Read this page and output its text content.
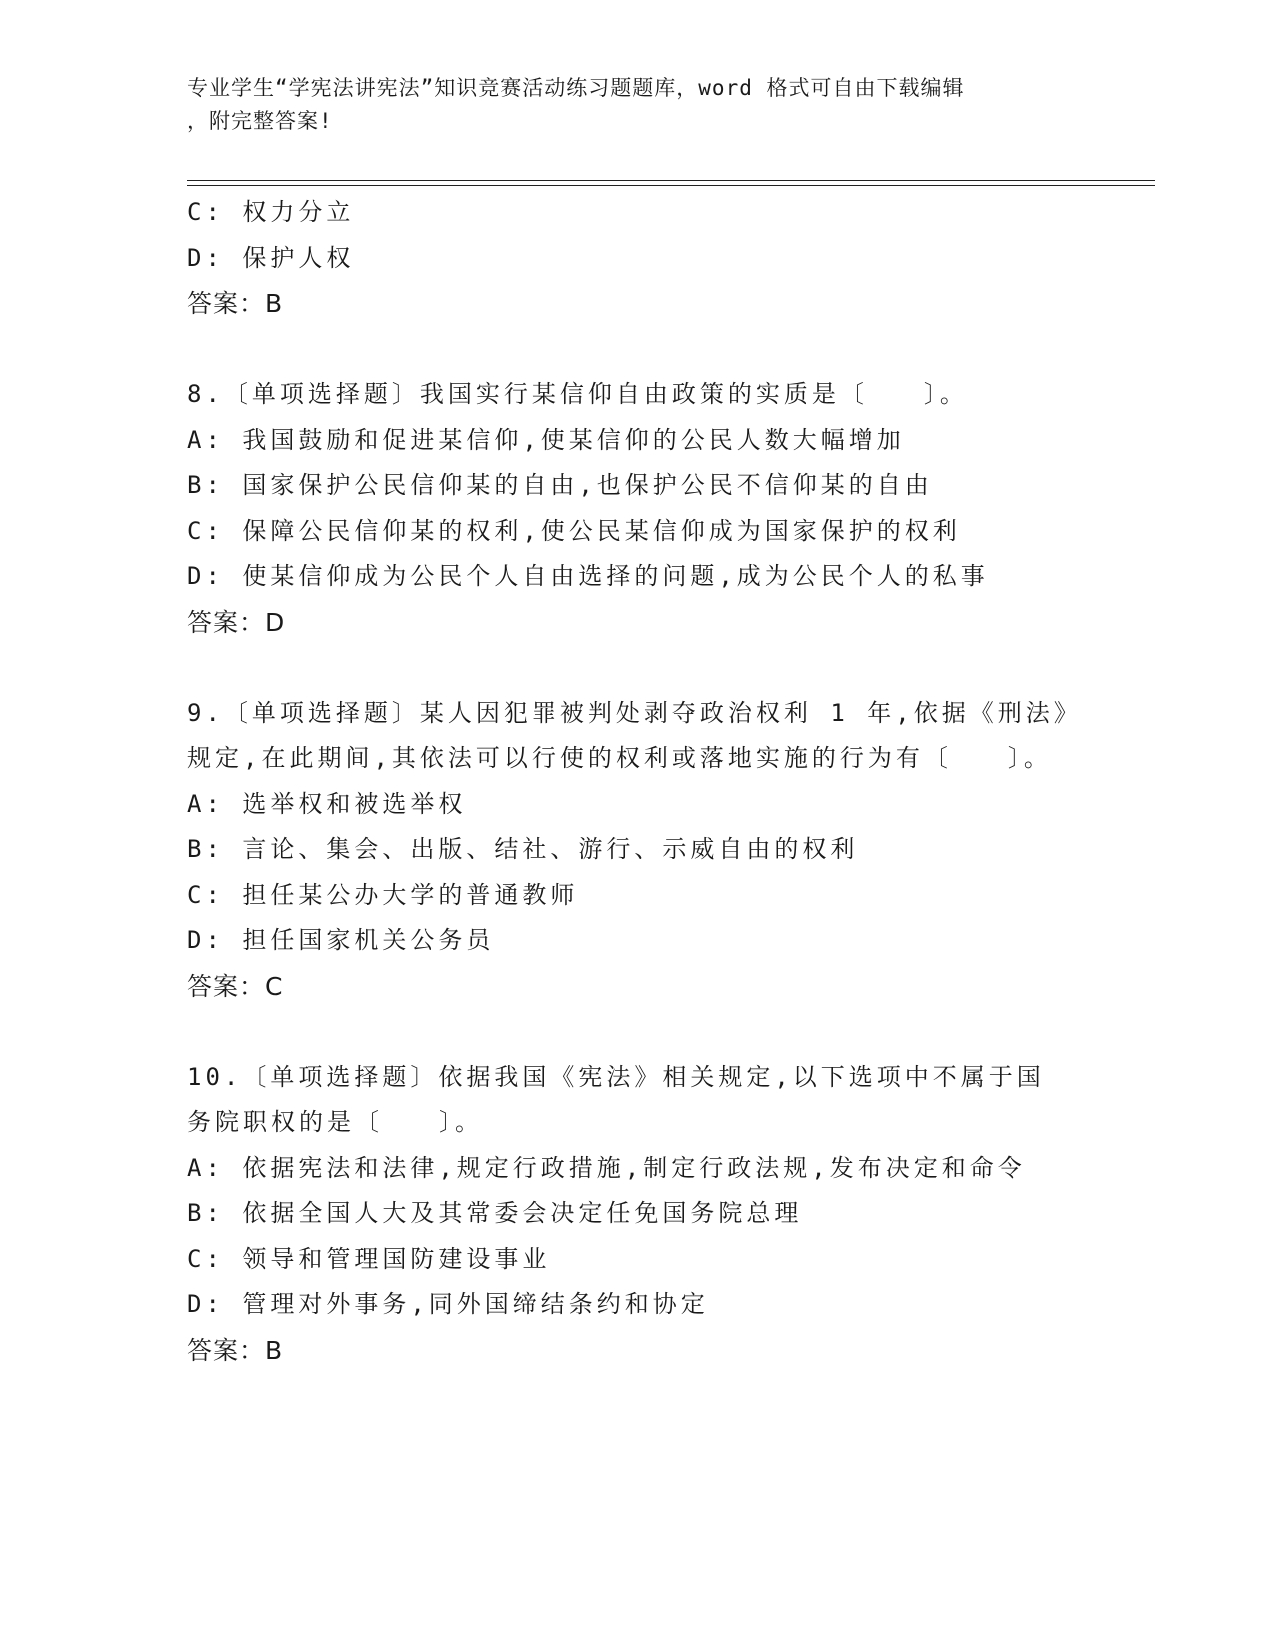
专业学生“学宪法讲宪法”知识竞赛活动练习题题库，word 格式可自由下载编辑
，附完整答案!
C: 权力分立
D: 保护人权
答案：B
8.〔单项选择题〕我国实行某信仰自由政策的实质是〔　　〕。
A: 我国鼓励和促进某信仰,使某信仰的公民人数大幅增加
B: 国家保护公民信仰某的自由,也保护公民不信仰某的自由
C: 保障公民信仰某的权利,使公民某信仰成为国家保护的权利
D: 使某信仰成为公民个人自由选择的问题,成为公民个人的私事
答案：D
9.〔单项选择题〕某人因犯罪被判处剥夺政治权利 1 年,依据《刑法》
规定,在此期间,其依法可以行使的权利或落地实施的行为有〔　　〕。
A: 选举权和被选举权
B: 言论、集会、出版、结社、游行、示威自由的权利
C: 担任某公办大学的普通教师
D: 担任国家机关公务员
答案：C
10.〔单项选择题〕依据我国《宪法》相关规定,以下选项中不属于国
务院职权的是〔　　〕。
A: 依据宪法和法律,规定行政措施,制定行政法规,发布决定和命令
B: 依据全国人大及其常委会决定任免国务院总理
C: 领导和管理国防建设事业
D: 管理对外事务,同外国缔结条约和协定
答案：B
